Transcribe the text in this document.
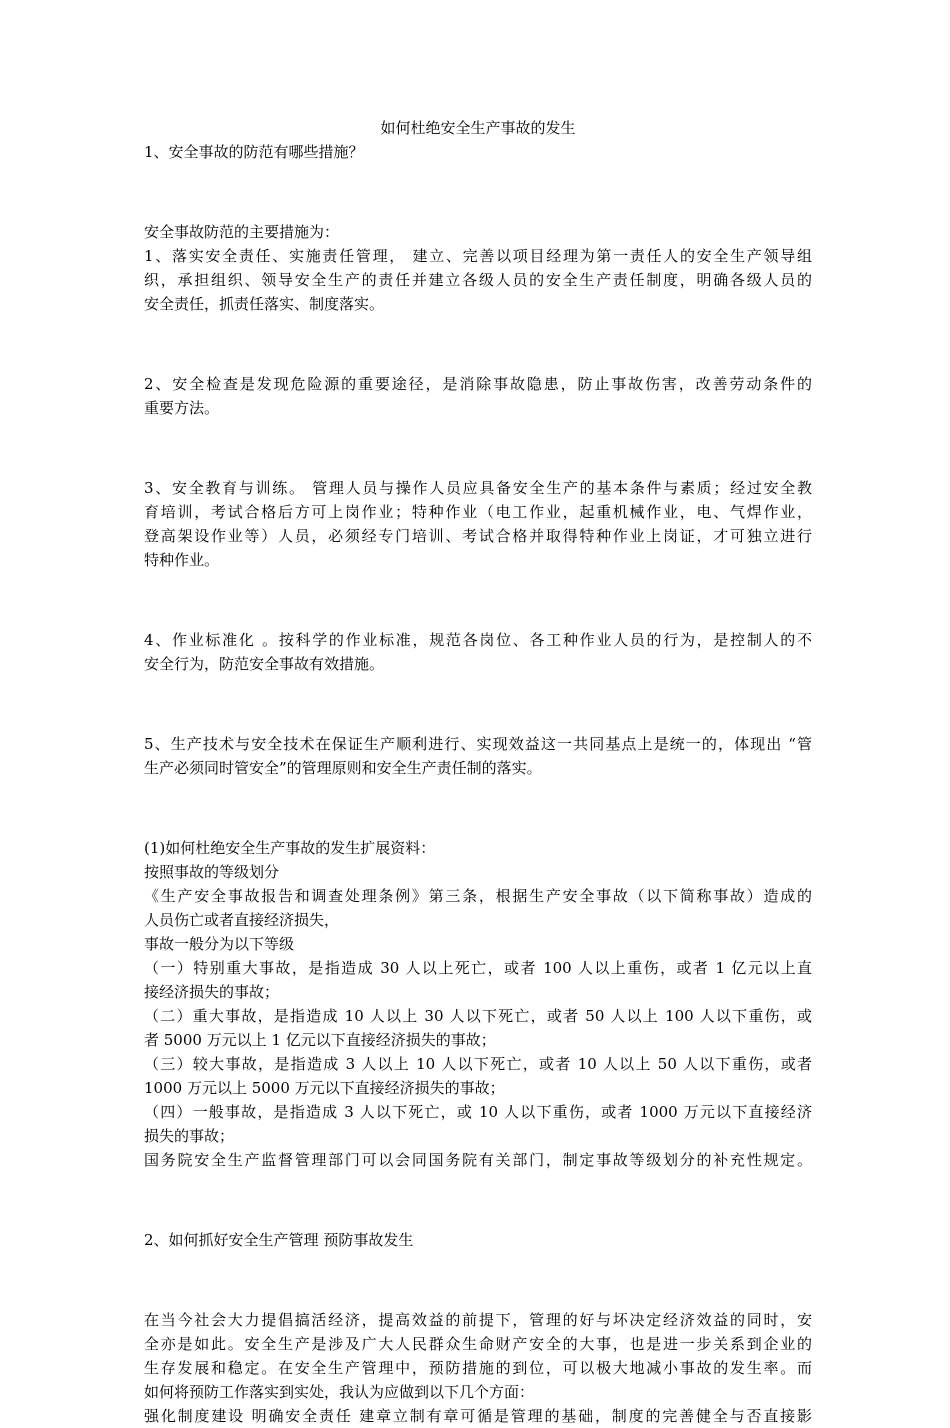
如何杜绝安全生产事故的发生

1、安全事故的防范有哪些措施？

安全事故防范的主要措施为：

1、落实安全责任、实施责任管理， 建立、完善以项目经理为第一责任人的安全生产领导组

织，承担组织、领导安全生产的责任并建立各级人员的安全生产责任制度，明确各级人员的

安全责任，抓责任落实、制度落实。

2、安全检查是发现危险源的重要途径，是消除事故隐患，防止事故伤害，改善劳动条件的

重要方法。

3、安全教育与训练。 管理人员与操作人员应具备安全生产的基本条件与素质；经过安全教

育培训，考试合格后方可上岗作业；特种作业（电工作业，起重机械作业，电、气焊作业，

登高架设作业等）人员，必须经专门培训、考试合格并取得特种作业上岗证，才可独立进行

特种作业。

4、作业标准化 。按科学的作业标准，规范各岗位、各工种作业人员的行为，是控制人的不

安全行为，防范安全事故有效措施。

5、生产技术与安全技术在保证生产顺利进行、实现效益这一共同基点上是统一的，体现出 “管

生产必须同时管安全”的管理原则和安全生产责任制的落实。

(1)如何杜绝安全生产事故的发生扩展资料：

按照事故的等级划分

《生产安全事故报告和调查处理条例》第三条，根据生产安全事故（以下简称事故）造成的

人员伤亡或者直接经济损失，

事故一般分为以下等级

（一）特别重大事故，是指造成 30 人以上死亡，或者 100 人以上重伤，或者 1 亿元以上直

接经济损失的事故；

（二）重大事故，是指造成 10 人以上 30 人以下死亡，或者 50 人以上 100 人以下重伤，或

者 5000 万元以上 1 亿元以下直接经济损失的事故；

（三）较大事故，是指造成 3 人以上 10 人以下死亡，或者 10 人以上 50 人以下重伤，或者

1000 万元以上 5000 万元以下直接经济损失的事故；

（四）一般事故，是指造成 3 人以下死亡，或 10 人以下重伤，或者 1000 万元以下直接经济

损失的事故；

国务院安全生产监督管理部门可以会同国务院有关部门，制定事故等级划分的补充性规定。

2、如何抓好安全生产管理 预防事故发生

在当今社会大力提倡搞活经济，提高效益的前提下，管理的好与坏决定经济效益的同时，安

全亦是如此。安全生产是涉及广大人民群众生命财产安全的大事，也是进一步关系到企业的

生存发展和稳定。在安全生产管理中，预防措施的到位，可以极大地减小事故的发生率。而

如何将预防工作落实到实处，我认为应做到以下几个方面：

强化制度建设 明确安全责任 建章立制有章可循是管理的基础，制度的完善健全与否直接影
